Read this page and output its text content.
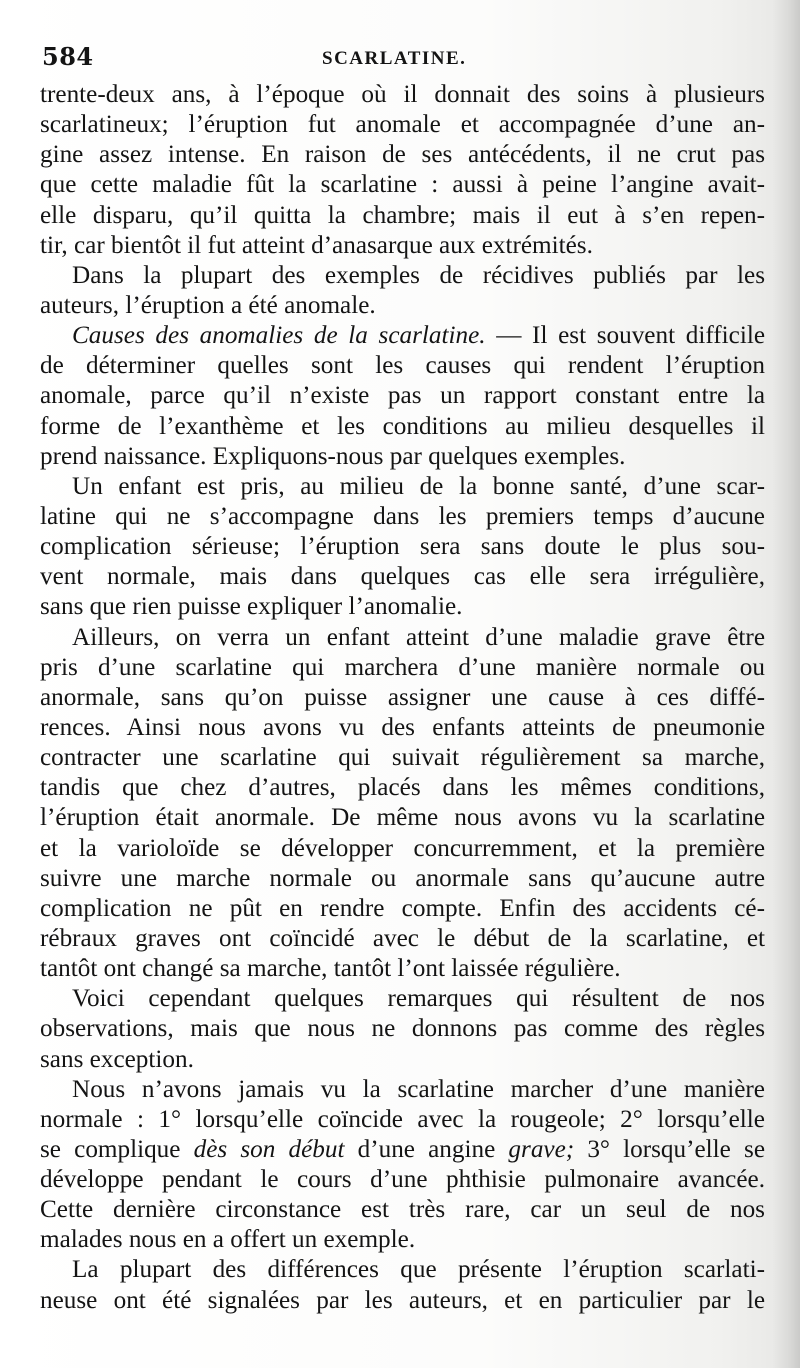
584	SCARLATINE.
trente-deux ans, à l’époque où il donnait des soins à plusieurs
scarlatineux; l’éruption fut anomale et accompagnée d’une an-
gine assez intense. En raison de ses antécédents, il ne crut pas
que cette maladie fût la scarlatine : aussi à peine l’angine avait-
elle disparu, qu’il quitta la chambre; mais il eut à s’en repen-
tir, car bientôt il fut atteint d’anasarque aux extrémités.
Dans la plupart des exemples de récidives publiés par les
auteurs, l’éruption a été anomale.
Causes des anomalies de la scarlatine. — Il est souvent difficile
de déterminer quelles sont les causes qui rendent l’éruption
anomale, parce qu’il n’existe pas un rapport constant entre la
forme de l’exanthème et les conditions au milieu desquelles il
prend naissance. Expliquons-nous par quelques exemples.
Un enfant est pris, au milieu de la bonne santé, d’une scar-
latine qui ne s’accompagne dans les premiers temps d’aucune
complication sérieuse; l’éruption sera sans doute le plus sou-
vent normale, mais dans quelques cas elle sera irrégulière,
sans que rien puisse expliquer l’anomalie.
Ailleurs, on verra un enfant atteint d’une maladie grave être
pris d’une scarlatine qui marchera d’une manière normale ou
anormale, sans qu’on puisse assigner une cause à ces diffé-
rences. Ainsi nous avons vu des enfants atteints de pneumonie
contracter une scarlatine qui suivait régulièrement sa marche,
tandis que chez d’autres, placés dans les mêmes conditions,
l’éruption était anormale. De même nous avons vu la scarlatine
et la varioloïde se développer concurremment, et la première
suivre une marche normale ou anormale sans qu’aucune autre
complication ne pût en rendre compte. Enfin des accidents cé-
rébraux graves ont coïncidé avec le début de la scarlatine, et
tantôt ont changé sa marche, tantôt l’ont laissée régulière.
Voici cependant quelques remarques qui résultent de nos
observations, mais que nous ne donnons pas comme des règles
sans exception.
Nous n’avons jamais vu la scarlatine marcher d’une manière
normale : 1° lorsqu’elle coïncide avec la rougeole; 2° lorsqu’elle
se complique dès son début d’une angine grave; 3° lorsqu’elle se
développe pendant le cours d’une phthisie pulmonaire avancée.
Cette dernière circonstance est très rare, car un seul de nos
malades nous en a offert un exemple.
La plupart des différences que présente l’éruption scarlati-
neuse ont été signalées par les auteurs, et en particulier par le
